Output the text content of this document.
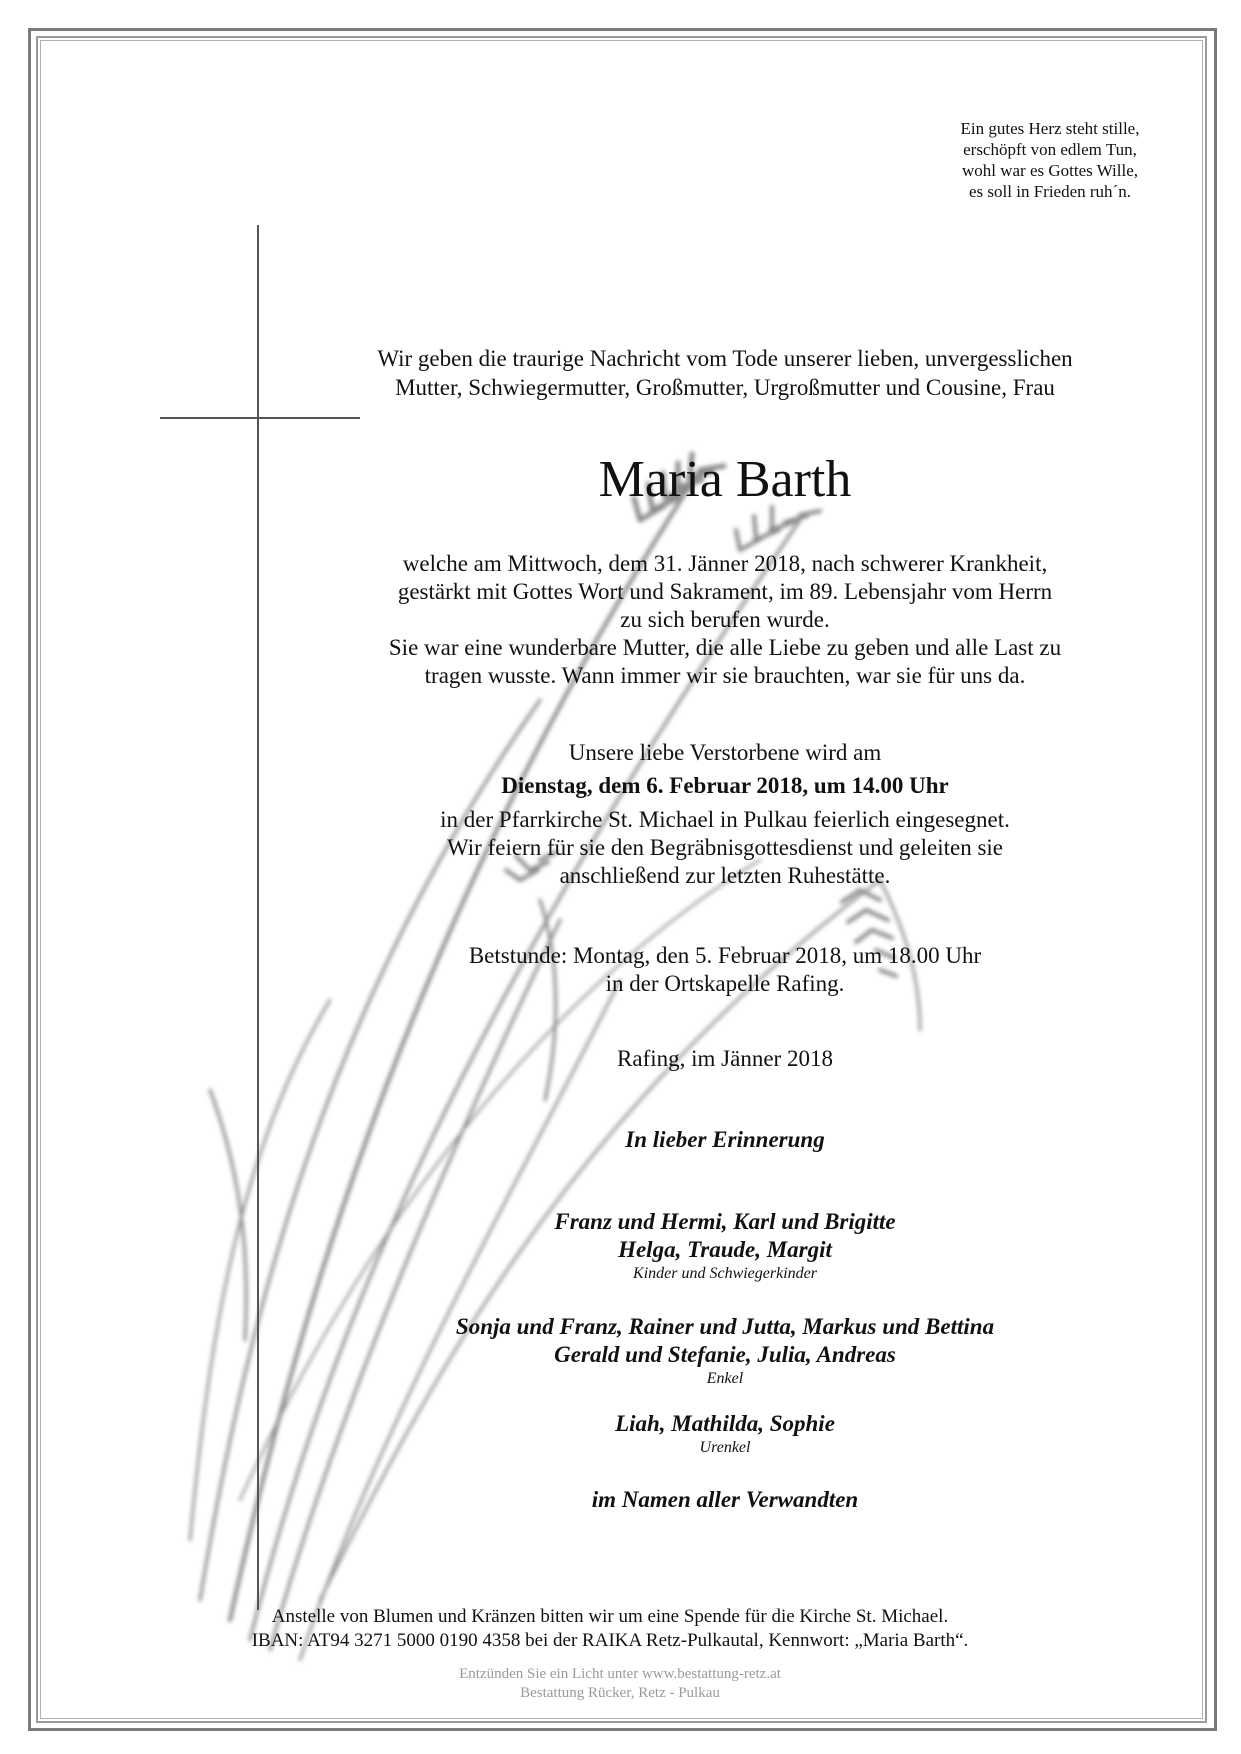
Ein gutes Herz steht stille,
erschöpft von edlem Tun,
wohl war es Gottes Wille,
es soll in Frieden ruh´n.
Wir geben die traurige Nachricht vom Tode unserer lieben, unvergesslichen
Mutter, Schwiegermutter, Großmutter, Urgroßmutter und Cousine, Frau
Maria Barth
welche am Mittwoch, dem 31. Jänner 2018, nach schwerer Krankheit,
gestärkt mit Gottes Wort und Sakrament, im 89. Lebensjahr vom Herrn
zu sich berufen wurde.
Sie war eine wunderbare Mutter, die alle Liebe zu geben und alle Last zu
tragen wusste. Wann immer wir sie brauchten, war sie für uns da.
Unsere liebe Verstorbene wird am
Dienstag, dem 6. Februar 2018, um 14.00 Uhr
in der Pfarrkirche St. Michael in Pulkau feierlich eingesegnet.
Wir feiern für sie den Begräbnisgottesdienst und geleiten sie
anschließend zur letzten Ruhestätte.
Betstunde: Montag, den 5. Februar 2018, um 18.00 Uhr
in der Ortskapelle Rafing.
Rafing, im Jänner 2018
In lieber Erinnerung
Franz und Hermi, Karl und Brigitte
Helga, Traude, Margit
Kinder und Schwiegerkinder
Sonja und Franz, Rainer und Jutta, Markus und Bettina
Gerald und Stefanie, Julia, Andreas
Enkel
Liah, Mathilda, Sophie
Urenkel
im Namen aller Verwandten
Anstelle von Blumen und Kränzen bitten wir um eine Spende für die Kirche St. Michael.
IBAN: AT94 3271 5000 0190 4358 bei der RAIKA Retz-Pulkautal, Kennwort: „Maria Barth“.
Entzünden Sie ein Licht unter www.bestattung-retz.at
Bestattung Rücker, Retz - Pulkau
